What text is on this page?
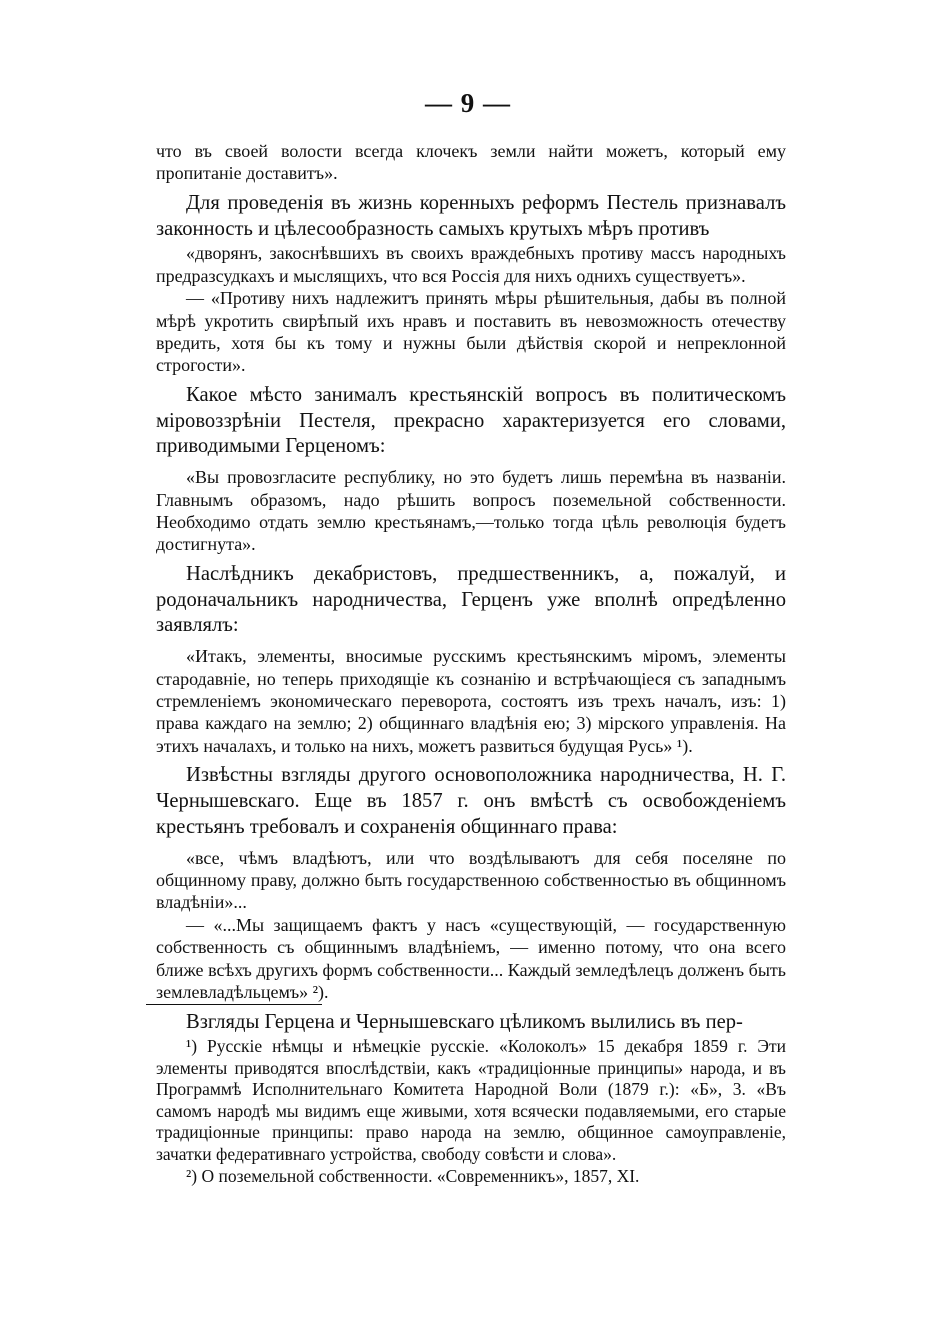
— 9 —

что въ своей волости всегда клочекъ земли найти можетъ, который ему пропитаніе доставитъ».

Для проведенія въ жизнь коренныхъ реформъ Пестель признавалъ законность и цѣлесообразность самыхъ крутыхъ мѣръ противъ

«дворянъ, закоснѣвшихъ въ своихъ враждебныхъ противу массъ народныхъ предразсудкахъ и мыслящихъ, что вся Россія для нихъ однихъ существуетъ».

— «Противу нихъ надлежитъ принять мѣры рѣшительныя, дабы въ полной мѣрѣ укротить свирѣпый ихъ нравъ и поставить въ невозможность отечеству вредить, хотя бы къ тому и нужны были дѣйствія скорой и непреклонной строгости».

Какое мѣсто занималъ крестьянскій вопросъ въ политическомъ міровоззрѣніи Пестеля, прекрасно характеризуется его словами, приводимыми Герценомъ:

«Вы провозгласите республику, но это будетъ лишь перемѣна въ названіи. Главнымъ образомъ, надо рѣшить вопросъ поземельной собственности. Необходимо отдать землю крестьянамъ,—только тогда цѣль революція будетъ достигнута».

Наслѣдникъ декабристовъ, предшественникъ, а, пожалуй, и родоначальникъ народничества, Герценъ уже вполнѣ опредѣленно заявлялъ:

«Итакъ, элементы, вносимые русскимъ крестьянскимъ міромъ, элементы стародавніе, но теперь приходящіе къ сознанію и встрѣчающіеся съ западнымъ стремленіемъ экономическаго переворота, состоятъ изъ трехъ началъ, изъ: 1) права каждаго на землю; 2) общиннаго владѣнія ею; 3) мірского управленія. На этихъ началахъ, и только на нихъ, можетъ развиться будущая Русь» ¹).

Извѣстны взгляды другого основоположника народничества, Н. Г. Чернышевскаго. Еще въ 1857 г. онъ вмѣстѣ съ освобожденіемъ крестьянъ требовалъ и сохраненія общиннаго права:

«все, чѣмъ владѣютъ, или что воздѣлываютъ для себя поселяне по общинному праву, должно быть государственною собственностью въ общинномъ владѣніи»...

— «...Мы защищаемъ фактъ у насъ «существующій, — государственную собственность съ общиннымъ владѣніемъ, — именно потому, что она всего ближе всѣхъ другихъ формъ собственности... Каждый земледѣлецъ долженъ быть землевладѣльцемъ» ²).

Взгляды Герцена и Чернышевскаго цѣликомъ вылились въ пер-

¹) Русскіе нѣмцы и нѣмецкіе русскіе. «Колоколъ» 15 декабря 1859 г. Эти элементы приводятся впослѣдствіи, какъ «традиціонные принципы» народа, и въ Программѣ Исполнительнаго Комитета Народной Воли (1879 г.): «Б», 3. «Въ самомъ народѣ мы видимъ еще живыми, хотя всячески подавляемыми, его старые традиціонные принципы: право народа на землю, общинное самоуправленіе, зачатки федеративнаго устройства, свободу совѣсти и слова».

²) О поземельной собственности. «Современникъ», 1857, XI.
